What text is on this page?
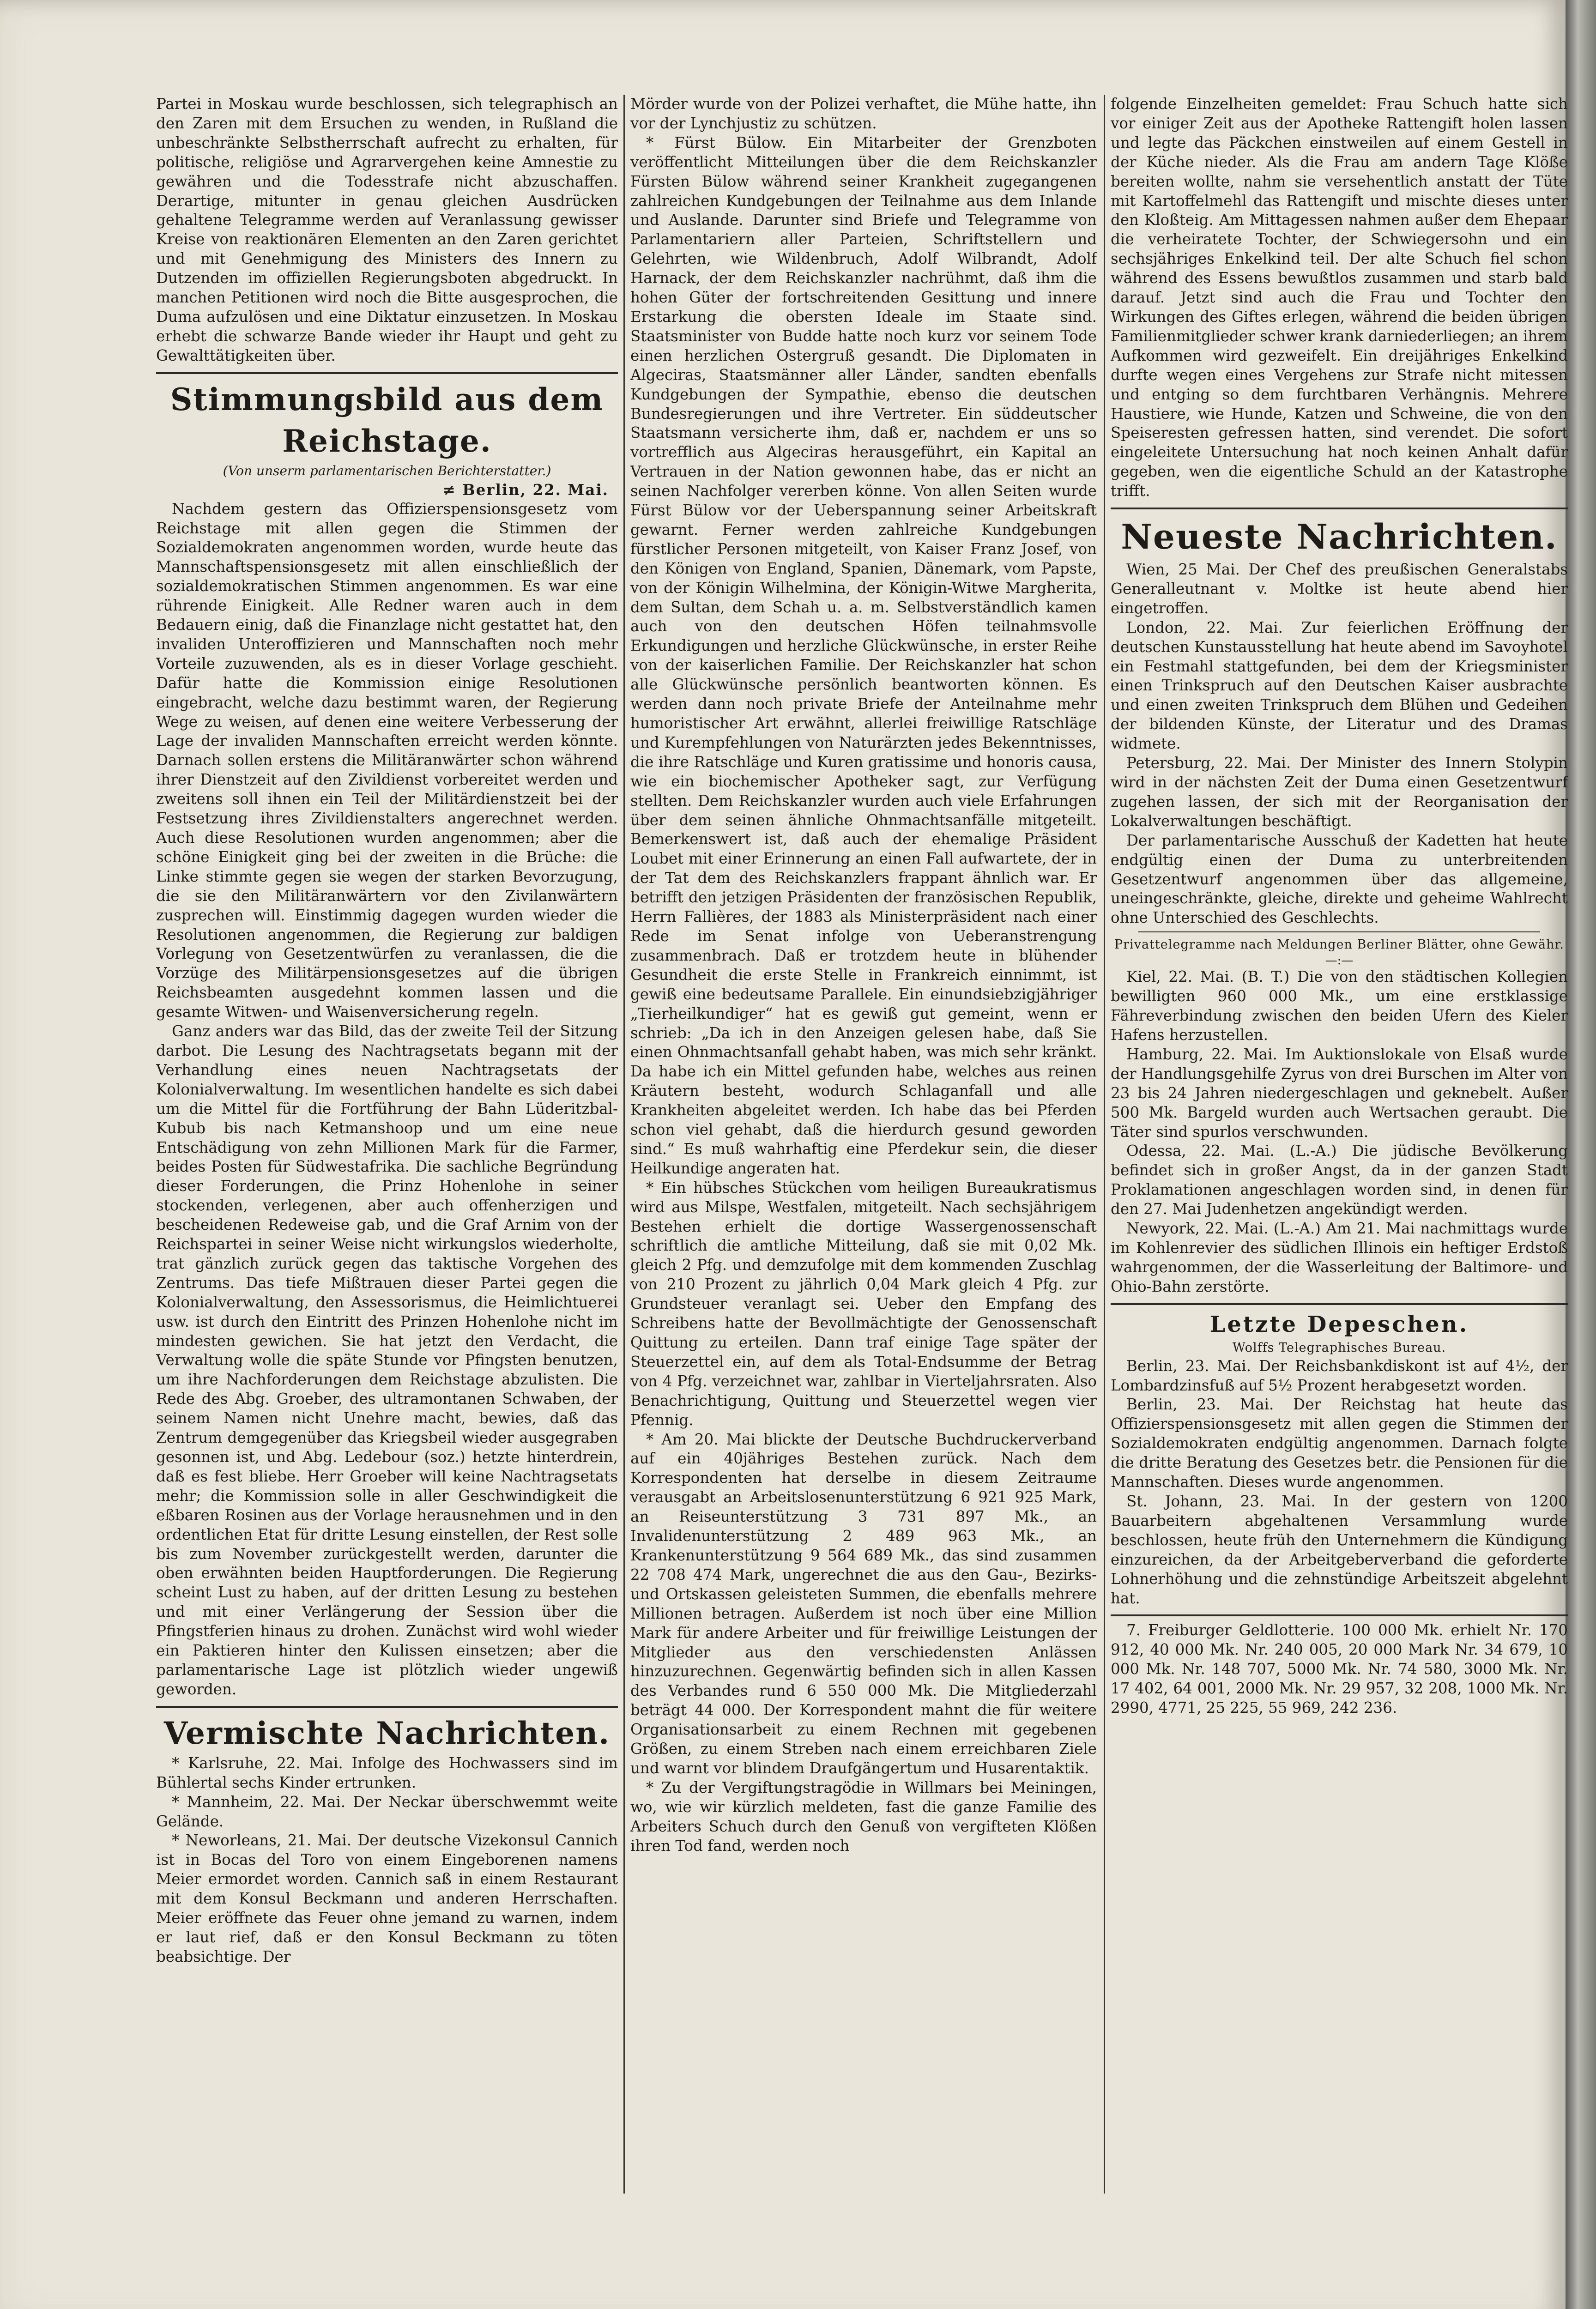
Partei in Moskau wurde beschlossen, sich telegraphisch an den Zaren mit dem Ersuchen zu wenden, in Rußland die unbeschränkte Selbstherrschaft aufrecht zu erhalten, für politische, religiöse und Agrarvergehen keine Amnestie zu gewähren und die Todesstrafe nicht abzuschaffen. Derartige, mitunter in genau gleichen Ausdrücken gehaltene Telegramme werden auf Veranlassung gewisser Kreise von reaktionären Elementen an den Zaren gerichtet und mit Genehmigung des Ministers des Innern zu Dutzenden im offiziellen Regierungsboten abgedruckt. In manchen Petitionen wird noch die Bitte ausgesprochen, die Duma aufzulösen und eine Diktatur einzusetzen. In Moskau erhebt die schwarze Bande wieder ihr Haupt und geht zu Gewalttätigkeiten über.

Stimmungsbild aus dem Reichstage.
(Von unserm parlamentarischen Berichterstatter.)
≠ Berlin, 22. Mai.

Nachdem gestern das Offizierspensionsgesetz vom Reichstage mit allen gegen die Stimmen der Sozialdemokraten angenommen worden, wurde heute das Mannschaftspensionsgesetz mit allen einschließlich der sozialdemokratischen Stimmen angenommen. Es war eine rührende Einigkeit. Alle Redner waren auch in dem Bedauern einig, daß die Finanzlage nicht gestattet hat, den invaliden Unteroffizieren und Mannschaften noch mehr Vorteile zuzuwenden, als es in dieser Vorlage geschieht. Dafür hatte die Kommission einige Resolutionen eingebracht, welche dazu bestimmt waren, der Regierung Wege zu weisen, auf denen eine weitere Verbesserung der Lage der invaliden Mannschaften erreicht werden könnte. Darnach sollen erstens die Militäranwärter schon während ihrer Dienstzeit auf den Zivildienst vorbereitet werden und zweitens soll ihnen ein Teil der Militärdienstzeit bei der Festsetzung ihres Zivildienstalters angerechnet werden. Auch diese Resolutionen wurden angenommen; aber die schöne Einigkeit ging bei der zweiten in die Brüche: die Linke stimmte gegen sie wegen der starken Bevorzugung, die sie den Militäranwärtern vor den Zivilanwärtern zusprechen will. Einstimmig dagegen wurden wieder die Resolutionen angenommen, die Regierung zur baldigen Vorlegung von Gesetzentwürfen zu veranlassen, die die Vorzüge des Militärpensionsgesetzes auf die übrigen Reichsbeamten ausgedehnt kommen lassen und die gesamte Witwen- und Waisenversicherung regeln.

Ganz anders war das Bild, das der zweite Teil der Sitzung darbot. Die Lesung des Nachtragsetats begann mit der Verhandlung eines neuen Nachtragsetats der Kolonialverwaltung. Im wesentlichen handelte es sich dabei um die Mittel für die Fortführung der Bahn Lüderitzbal-Kubub bis nach Ketmanshoop und um eine neue Entschädigung von zehn Millionen Mark für die Farmer, beides Posten für Südwestafrika. Die sachliche Begründung dieser Forderungen, die Prinz Hohenlohe in seiner stockenden, verlegenen, aber auch offenherzigen und bescheidenen Redeweise gab, und die Graf Arnim von der Reichspartei in seiner Weise nicht wirkungslos wiederholte, trat gänzlich zurück gegen das taktische Vorgehen des Zentrums. Das tiefe Mißtrauen dieser Partei gegen die Kolonialverwaltung, den Assessorismus, die Heimlichtuerei usw. ist durch den Eintritt des Prinzen Hohenlohe nicht im mindesten gewichen. Sie hat jetzt den Verdacht, die Verwaltung wolle die späte Stunde vor Pfingsten benutzen, um ihre Nachforderungen dem Reichstage abzulisten. Die Rede des Abg. Groeber, des ultramontanen Schwaben, der seinem Namen nicht Unehre macht, bewies, daß das Zentrum demgegenüber das Kriegsbeil wieder ausgegraben gesonnen ist, und Abg. Ledebour (soz.) hetzte hinterdrein, daß es fest bliebe. Herr Groeber will keine Nachtragsetats mehr; die Kommission solle in aller Geschwindigkeit die eßbaren Rosinen aus der Vorlage herausnehmen und in den ordentlichen Etat für dritte Lesung einstellen, der Rest solle bis zum November zurückgestellt werden, darunter die oben erwähnten beiden Hauptforderungen. Die Regierung scheint Lust zu haben, auf der dritten Lesung zu bestehen und mit einer Verlängerung der Session über die Pfingstferien hinaus zu drohen. Zunächst wird wohl wieder ein Paktieren hinter den Kulissen einsetzen; aber die parlamentarische Lage ist plötzlich wieder ungewiß geworden.

Vermischte Nachrichten.

* Karlsruhe, 22. Mai. Infolge des Hochwassers sind im Bühlertal sechs Kinder ertrunken.

* Mannheim, 22. Mai. Der Neckar überschwemmt weite Gelände.

* Neworleans, 21. Mai. Der deutsche Vizekonsul Cannich ist in Bocas del Toro von einem Eingeborenen namens Meier ermordet worden. Cannich saß in einem Restaurant mit dem Konsul Beckmann und anderen Herrschaften. Meier eröffnete das Feuer ohne jemand zu warnen, indem er laut rief, daß er den Konsul Beckmann zu töten beabsichtige. Der

Mörder wurde von der Polizei verhaftet, die Mühe hatte, ihn vor der Lynchjustiz zu schützen.

* Fürst Bülow. Ein Mitarbeiter der Grenzboten veröffentlicht Mitteilungen über die dem Reichskanzler Fürsten Bülow während seiner Krankheit zugegangenen zahlreichen Kundgebungen der Teilnahme aus dem Inlande und Auslande. Darunter sind Briefe und Telegramme von Parlamentariern aller Parteien, Schriftstellern und Gelehrten, wie Wildenbruch, Adolf Wilbrandt, Adolf Harnack, der dem Reichskanzler nachrühmt, daß ihm die hohen Güter der fortschreitenden Gesittung und innere Erstarkung die obersten Ideale im Staate sind. Staatsminister von Budde hatte noch kurz vor seinem Tode einen herzlichen Ostergruß gesandt. Die Diplomaten in Algeciras, Staatsmänner aller Länder, sandten ebenfalls Kundgebungen der Sympathie, ebenso die deutschen Bundesregierungen und ihre Vertreter. Ein süddeutscher Staatsmann versicherte ihm, daß er, nachdem er uns so vortrefflich aus Algeciras herausgeführt, ein Kapital an Vertrauen in der Nation gewonnen habe, das er nicht an seinen Nachfolger vererben könne. Von allen Seiten wurde Fürst Bülow vor der Ueberspannung seiner Arbeitskraft gewarnt. Ferner werden zahlreiche Kundgebungen fürstlicher Personen mitgeteilt, von Kaiser Franz Josef, von den Königen von England, Spanien, Dänemark, vom Papste, von der Königin Wilhelmina, der Königin-Witwe Margherita, dem Sultan, dem Schah u. a. m. Selbstverständlich kamen auch von den deutschen Höfen teilnahmsvolle Erkundigungen und herzliche Glückwünsche, in erster Reihe von der kaiserlichen Familie. Der Reichskanzler hat schon alle Glückwünsche persönlich beantworten können. Es werden dann noch private Briefe der Anteilnahme mehr humoristischer Art erwähnt, allerlei freiwillige Ratschläge und Kurempfehlungen von Naturärzten jedes Bekenntnisses, die ihre Ratschläge und Kuren gratissime und honoris causa, wie ein biochemischer Apotheker sagt, zur Verfügung stellten. Dem Reichskanzler wurden auch viele Erfahrungen über dem seinen ähnliche Ohnmachtsanfälle mitgeteilt. Bemerkenswert ist, daß auch der ehemalige Präsident Loubet mit einer Erinnerung an einen Fall aufwartete, der in der Tat dem des Reichskanzlers frappant ähnlich war. Er betrifft den jetzigen Präsidenten der französischen Republik, Herrn Fallières, der 1883 als Ministerpräsident nach einer Rede im Senat infolge von Ueberanstrengung zusammenbrach. Daß er trotzdem heute in blühender Gesundheit die erste Stelle in Frankreich einnimmt, ist gewiß eine bedeutsame Parallele. Ein einundsiebzigjähriger „Tierheilkundiger“ hat es gewiß gut gemeint, wenn er schrieb: „Da ich in den Anzeigen gelesen habe, daß Sie einen Ohnmachtsanfall gehabt haben, was mich sehr kränkt. Da habe ich ein Mittel gefunden habe, welches aus reinen Kräutern besteht, wodurch Schlaganfall und alle Krankheiten abgeleitet werden. Ich habe das bei Pferden schon viel gehabt, daß die hierdurch gesund geworden sind.“ Es muß wahrhaftig eine Pferdekur sein, die dieser Heilkundige angeraten hat.

* Ein hübsches Stückchen vom heiligen Bureaukratismus wird aus Milspe, Westfalen, mitgeteilt. Nach sechsjährigem Bestehen erhielt die dortige Wassergenossenschaft schriftlich die amtliche Mitteilung, daß sie mit 0,02 Mk. gleich 2 Pfg. und demzufolge mit dem kommenden Zuschlag von 210 Prozent zu jährlich 0,04 Mark gleich 4 Pfg. zur Grundsteuer veranlagt sei. Ueber den Empfang des Schreibens hatte der Bevollmächtigte der Genossenschaft Quittung zu erteilen. Dann traf einige Tage später der Steuerzettel ein, auf dem als Total-Endsumme der Betrag von 4 Pfg. verzeichnet war, zahlbar in Vierteljahrsraten. Also Benachrichtigung, Quittung und Steuerzettel wegen vier Pfennig.

* Am 20. Mai blickte der Deutsche Buchdruckerverband auf ein 40jähriges Bestehen zurück. Nach dem Korrespondenten hat derselbe in diesem Zeitraume verausgabt an Arbeitslosenunterstützung 6 921 925 Mark, an Reiseunterstützung 3 731 897 Mk., an Invalidenunterstützung 2 489 963 Mk., an Krankenunterstützung 9 564 689 Mk., das sind zusammen 22 708 474 Mark, ungerechnet die aus den Gau-, Bezirks- und Ortskassen geleisteten Summen, die ebenfalls mehrere Millionen betragen. Außerdem ist noch über eine Million Mark für andere Arbeiter und für freiwillige Leistungen der Mitglieder aus den verschiedensten Anlässen hinzuzurechnen. Gegenwärtig befinden sich in allen Kassen des Verbandes rund 6 550 000 Mk. Die Mitgliederzahl beträgt 44 000. Der Korrespondent mahnt die für weitere Organisationsarbeit zu einem Rechnen mit gegebenen Größen, zu einem Streben nach einem erreichbaren Ziele und warnt vor blindem Draufgängertum und Husarentaktik.

* Zu der Vergiftungstragödie in Willmars bei Meiningen, wo, wie wir kürzlich meldeten, fast die ganze Familie des Arbeiters Schuch durch den Genuß von vergifteten Klößen ihren Tod fand, werden noch

folgende Einzelheiten gemeldet: Frau Schuch hatte sich vor einiger Zeit aus der Apotheke Rattengift holen lassen und legte das Päckchen einstweilen auf einem Gestell in der Küche nieder. Als die Frau am andern Tage Klöße bereiten wollte, nahm sie versehentlich anstatt der Tüte mit Kartoffelmehl das Rattengift und mischte dieses unter den Kloßteig. Am Mittagessen nahmen außer dem Ehepaar die verheiratete Tochter, der Schwiegersohn und ein sechsjähriges Enkelkind teil. Der alte Schuch fiel schon während des Essens bewußtlos zusammen und starb bald darauf. Jetzt sind auch die Frau und Tochter den Wirkungen des Giftes erlegen, während die beiden übrigen Familienmitglieder schwer krank darniederliegen; an ihrem Aufkommen wird gezweifelt. Ein dreijähriges Enkelkind durfte wegen eines Vergehens zur Strafe nicht mitessen und entging so dem furchtbaren Verhängnis. Mehrere Haustiere, wie Hunde, Katzen und Schweine, die von den Speiseresten gefressen hatten, sind verendet. Die sofort eingeleitete Untersuchung hat noch keinen Anhalt dafür gegeben, wen die eigentliche Schuld an der Katastrophe trifft.

Neueste Nachrichten.

Wien, 25 Mai. Der Chef des preußischen Generalstabs Generalleutnant v. Moltke ist heute abend hier eingetroffen.

London, 22. Mai. Zur feierlichen Eröffnung der deutschen Kunstausstellung hat heute abend im Savoyhotel ein Festmahl stattgefunden, bei dem der Kriegsminister einen Trinkspruch auf den Deutschen Kaiser ausbrachte und einen zweiten Trinkspruch dem Blühen und Gedeihen der bildenden Künste, der Literatur und des Dramas widmete.

Petersburg, 22. Mai. Der Minister des Innern Stolypin wird in der nächsten Zeit der Duma einen Gesetzentwurf zugehen lassen, der sich mit der Reorganisation der Lokalverwaltungen beschäftigt.

Der parlamentarische Ausschuß der Kadetten hat heute endgültig einen der Duma zu unterbreitenden Gesetzentwurf angenommen über das allgemeine, uneingeschränkte, gleiche, direkte und geheime Wahlrecht ohne Unterschied des Geschlechts.

Privattelegramme nach Meldungen Berliner Blätter, ohne Gewähr.
—:—

Kiel, 22. Mai. (B. T.) Die von den städtischen Kollegien bewilligten 960 000 Mk., um eine erstklassige Fähreverbindung zwischen den beiden Ufern des Kieler Hafens herzustellen.

Hamburg, 22. Mai. Im Auktionslokale von Elsaß wurde der Handlungsgehilfe Zyrus von drei Burschen im Alter von 23 bis 24 Jahren niedergeschlagen und geknebelt. Außer 500 Mk. Bargeld wurden auch Wertsachen geraubt. Die Täter sind spurlos verschwunden.

Odessa, 22. Mai. (L.-A.) Die jüdische Bevölkerung befindet sich in großer Angst, da in der ganzen Stadt Proklamationen angeschlagen worden sind, in denen für den 27. Mai Judenhetzen angekündigt werden.

Newyork, 22. Mai. (L.-A.) Am 21. Mai nachmittags wurde im Kohlenrevier des südlichen Illinois ein heftiger Erdstoß wahrgenommen, der die Wasserleitung der Baltimore- und Ohio-Bahn zerstörte.

Letzte Depeschen.
Wolffs Telegraphisches Bureau.

Berlin, 23. Mai. Der Reichsbankdiskont ist auf 4½, der Lombardzinsfuß auf 5½ Prozent herabgesetzt worden.

Berlin, 23. Mai. Der Reichstag hat heute das Offizierspensionsgesetz mit allen gegen die Stimmen der Sozialdemokraten endgültig angenommen. Darnach folgte die dritte Beratung des Gesetzes betr. die Pensionen für die Mannschaften. Dieses wurde angenommen.

St. Johann, 23. Mai. In der gestern von 1200 Bauarbeitern abgehaltenen Versammlung wurde beschlossen, heute früh den Unternehmern die Kündigung einzureichen, da der Arbeitgeberverband die geforderte Lohnerhöhung und die zehnstündige Arbeitszeit abgelehnt hat.

7. Freiburger Geldlotterie. 100 000 Mk. erhielt Nr. 170 912, 40 000 Mk. Nr. 240 005, 20 000 Mark Nr. 34 679, 10 000 Mk. Nr. 148 707, 5000 Mk. Nr. 74 580, 3000 Mk. Nr. 17 402, 64 001, 2000 Mk. Nr. 29 957, 32 208, 1000 Mk. Nr. 2990, 4771, 25 225, 55 969, 242 236.
